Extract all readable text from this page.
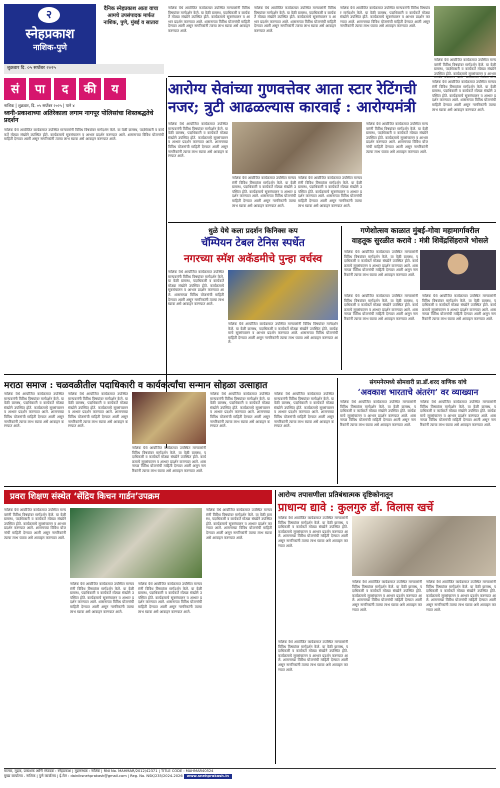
२
स्नेहप्रकाश
नाशिक-पुणे
दैनिक स्नेहप्रकाश आता वाचा आमचे उपसंपादक मार्फत नाशिक, पुणे, मुंबई व सातारा
शुक्रवार दि. ०५ सप्टेंबर २०२५
नाशिक येथे आयोजित कार्यक्रमात उपस्थित मान्यवरांनी विविध विषयांवर मार्गदर्शन केले. या वेळी ग्रामस्थ, पदाधिकारी व कार्यकर्ते मोठ्या संख्येने उपस्थित होते. कार्यक्रमाचे सूत्रसंचालन व आभार प्रदर्शन करण्यात आले. शासनाच्या विविध योजनांची माहिती देण्यात आली असून नागरिकांनी त्याचा लाभ घ्यावा असे आवाहन करण्यात आले.
नाशिक येथे आयोजित कार्यक्रमात उपस्थित मान्यवरांनी विविध विषयांवर मार्गदर्शन केले. या वेळी ग्रामस्थ, पदाधिकारी व कार्यकर्ते मोठ्या संख्येने उपस्थित होते. कार्यक्रमाचे सूत्रसंचालन व आभार प्रदर्शन करण्यात आले. शासनाच्या विविध योजनांची माहिती देण्यात आली असून नागरिकांनी त्याचा लाभ घ्यावा असे आवाहन करण्यात आले.
नाशिक येथे आयोजित कार्यक्रमात उपस्थित मान्यवरांनी विविध विषयांवर मार्गदर्शन केले. या वेळी ग्रामस्थ, पदाधिकारी व कार्यकर्ते मोठ्या संख्येने उपस्थित होते. कार्यक्रमाचे सूत्रसंचालन व आभार प्रदर्शन करण्यात आले. शासनाच्या विविध योजनांची माहिती देण्यात आली असून नागरिकांनी त्याचा लाभ घ्यावा असे आवाहन करण्यात आले.
नाशिक येथे आयोजित कार्यक्रमात उपस्थित मान्यवरांनी विविध विषयांवर मार्गदर्शन केले. या वेळी ग्रामस्थ, पदाधिकारी व कार्यकर्ते मोठ्या संख्येने उपस्थित होते. कार्यक्रमाचे सूत्रसंचालन व आभार
सं	पा	द	की	य
नाशिक | शुक्रवार, दि. ०५ सप्टेंबर २०२५ | पाने ४
ध्वनी-प्रकाशाच्या अतिरेकाला लगाम नागपूर पोलिसांचा शिस्तबद्धतेचे प्रदर्शन
नाशिक येथे आयोजित कार्यक्रमात उपस्थित मान्यवरांनी विविध विषयांवर मार्गदर्शन केले. या वेळी ग्रामस्थ, पदाधिकारी व कार्यकर्ते मोठ्या संख्येने उपस्थित होते. कार्यक्रमाचे सूत्रसंचालन व आभार प्रदर्शन करण्यात आले. शासनाच्या विविध योजनांची माहिती देण्यात आली असून नागरिकांनी त्याचा लाभ घ्यावा असे आवाहन करण्यात आले.
आरोग्य सेवांच्या गुणवत्तेवर आता स्टार रेटिंगची
नजर; त्रुटी आढळल्यास कारवाई : आरोग्यमंत्री
नाशिक येथे आयोजित कार्यक्रमात उपस्थित मान्यवरांनी विविध विषयांवर मार्गदर्शन केले. या वेळी ग्रामस्थ, पदाधिकारी व कार्यकर्ते मोठ्या संख्येने उपस्थित होते. कार्यक्रमाचे सूत्रसंचालन व आभार प्रदर्शन करण्यात आले. शासनाच्या विविध योजनांची माहिती देण्यात आली असून नागरिकांनी त्याचा लाभ घ्यावा असे आवाहन करण्यात आले.
नाशिक येथे आयोजित कार्यक्रमात उपस्थित मान्यवरांनी विविध विषयांवर मार्गदर्शन केले. या वेळी ग्रामस्थ, पदाधिकारी व कार्यकर्ते मोठ्या संख्येने उपस्थित होते. कार्यक्रमाचे सूत्रसंचालन व आभार प्रदर्शन करण्यात आले. शासनाच्या विविध योजनांची माहिती देण्यात आली असून नागरिकांनी त्याचा लाभ घ्यावा असे आवाहन करण्यात आले.
नाशिक येथे आयोजित कार्यक्रमात उपस्थित मान्यवरांनी विविध विषयांवर मार्गदर्शन केले. या वेळी ग्रामस्थ, पदाधिकारी व कार्यकर्ते मोठ्या संख्येने उपस्थित होते. कार्यक्रमाचे सूत्रसंचालन व आभार प्रदर्शन करण्यात आले. शासनाच्या विविध योजनांची माहिती देण्यात आली असून नागरिकांनी त्याचा लाभ घ्यावा असे आवाहन करण्यात आले.
नाशिक येथे आयोजित कार्यक्रमात उपस्थित मान्यवरांनी विविध विषयांवर मार्गदर्शन केले. या वेळी ग्रामस्थ, पदाधिकारी व कार्यकर्ते मोठ्या संख्येने उपस्थित होते. कार्यक्रमाचे सूत्रसंचालन व आभार प्रदर्शन करण्यात आले. शासनाच्या विविध योजनांची माहिती देण्यात आली असून नागरिकांनी त्याचा लाभ घ्यावा असे आवाहन करण्यात आले.
नाशिक येथे आयोजित कार्यक्रमात उपस्थित मान्यवरांनी विविध विषयांवर मार्गदर्शन केले. या वेळी ग्रामस्थ, पदाधिकारी व कार्यकर्ते मोठ्या संख्येने उपस्थित होते. कार्यक्रमाचे सूत्रसंचालन व आभार प्रदर्शन करण्यात आले. शासनाच्या विविध योजनांची माहिती देण्यात आली असून नागरिकांनी त्याचा लाभ घ्यावा असे आवाहन करण्यात आले.
धुळे येथे कला प्रदर्शन किनिक्स कप
चॅम्पियन टेबल टेनिस स्पर्धेत
नगरच्या स्मॅश अकॅडमीचे पुन्हा वर्चस्व
नाशिक येथे आयोजित कार्यक्रमात उपस्थित मान्यवरांनी विविध विषयांवर मार्गदर्शन केले. या वेळी ग्रामस्थ, पदाधिकारी व कार्यकर्ते मोठ्या संख्येने उपस्थित होते. कार्यक्रमाचे सूत्रसंचालन व आभार प्रदर्शन करण्यात आले. शासनाच्या विविध योजनांची माहिती देण्यात आली असून नागरिकांनी त्याचा लाभ घ्यावा असे आवाहन करण्यात आले.
नाशिक येथे आयोजित कार्यक्रमात उपस्थित मान्यवरांनी विविध विषयांवर मार्गदर्शन केले. या वेळी ग्रामस्थ, पदाधिकारी व कार्यकर्ते मोठ्या संख्येने उपस्थित होते. कार्यक्रमाचे सूत्रसंचालन व आभार प्रदर्शन करण्यात आले. शासनाच्या विविध योजनांची माहिती देण्यात आली असून नागरिकांनी त्याचा लाभ घ्यावा असे आवाहन करण्यात आले.
गणेशोत्सव काळात मुंबई-गोवा महामार्गावरील
वाहतूक सुरळीत करावे : मंत्री शिवेंद्रसिंहराजे भोसले
नाशिक येथे आयोजित कार्यक्रमात उपस्थित मान्यवरांनी विविध विषयांवर मार्गदर्शन केले. या वेळी ग्रामस्थ, पदाधिकारी व कार्यकर्ते मोठ्या संख्येने उपस्थित होते. कार्यक्रमाचे सूत्रसंचालन व आभार प्रदर्शन करण्यात आले. शासनाच्या विविध योजनांची माहिती देण्यात आली असून नागरिकांनी त्याचा लाभ घ्यावा असे आवाहन करण्यात आले.
नाशिक येथे आयोजित कार्यक्रमात उपस्थित मान्यवरांनी विविध विषयांवर मार्गदर्शन केले. या वेळी ग्रामस्थ, पदाधिकारी व कार्यकर्ते मोठ्या संख्येने उपस्थित होते. कार्यक्रमाचे सूत्रसंचालन व आभार प्रदर्शन करण्यात आले. शासनाच्या विविध योजनांची माहिती देण्यात आली असून नागरिकांनी त्याचा लाभ घ्यावा असे आवाहन करण्यात आले.
नाशिक येथे आयोजित कार्यक्रमात उपस्थित मान्यवरांनी विविध विषयांवर मार्गदर्शन केले. या वेळी ग्रामस्थ, पदाधिकारी व कार्यकर्ते मोठ्या संख्येने उपस्थित होते. कार्यक्रमाचे सूत्रसंचालन व आभार प्रदर्शन करण्यात आले. शासनाच्या विविध योजनांची माहिती देण्यात आली असून नागरिकांनी त्याचा लाभ घ्यावा असे आवाहन करण्यात आले.
मराठा समाज : चळवळीतील पदाधिकारी व कार्यकर्त्यांचा सन्मान सोहळा उत्साहात
नाशिक येथे आयोजित कार्यक्रमात उपस्थित मान्यवरांनी विविध विषयांवर मार्गदर्शन केले. या वेळी ग्रामस्थ, पदाधिकारी व कार्यकर्ते मोठ्या संख्येने उपस्थित होते. कार्यक्रमाचे सूत्रसंचालन व आभार प्रदर्शन करण्यात आले. शासनाच्या विविध योजनांची माहिती देण्यात आली असून नागरिकांनी त्याचा लाभ घ्यावा असे आवाहन करण्यात आले.
नाशिक येथे आयोजित कार्यक्रमात उपस्थित मान्यवरांनी विविध विषयांवर मार्गदर्शन केले. या वेळी ग्रामस्थ, पदाधिकारी व कार्यकर्ते मोठ्या संख्येने उपस्थित होते. कार्यक्रमाचे सूत्रसंचालन व आभार प्रदर्शन करण्यात आले. शासनाच्या विविध योजनांची माहिती देण्यात आली असून नागरिकांनी त्याचा लाभ घ्यावा असे आवाहन करण्यात आले.
नाशिक येथे आयोजित कार्यक्रमात उपस्थित मान्यवरांनी विविध विषयांवर मार्गदर्शन केले. या वेळी ग्रामस्थ, पदाधिकारी व कार्यकर्ते मोठ्या संख्येने उपस्थित होते. कार्यक्रमाचे सूत्रसंचालन व आभार प्रदर्शन करण्यात आले. शासनाच्या विविध योजनांची माहिती देण्यात आली असून नागरिकांनी त्याचा लाभ घ्यावा असे आवाहन करण्यात आले.
नाशिक येथे आयोजित कार्यक्रमात उपस्थित मान्यवरांनी विविध विषयांवर मार्गदर्शन केले. या वेळी ग्रामस्थ, पदाधिकारी व कार्यकर्ते मोठ्या संख्येने उपस्थित होते. कार्यक्रमाचे सूत्रसंचालन व आभार प्रदर्शन करण्यात आले. शासनाच्या विविध योजनांची माहिती देण्यात आली असून नागरिकांनी त्याचा लाभ घ्यावा असे आवाहन करण्यात आले.
नाशिक येथे आयोजित कार्यक्रमात उपस्थित मान्यवरांनी विविध विषयांवर मार्गदर्शन केले. या वेळी ग्रामस्थ, पदाधिकारी व कार्यकर्ते मोठ्या संख्येने उपस्थित होते. कार्यक्रमाचे सूत्रसंचालन व आभार प्रदर्शन करण्यात आले. शासनाच्या विविध योजनांची माहिती देण्यात आली असून नागरिकांनी त्याचा लाभ घ्यावा असे आवाहन करण्यात आले.
संगमनेरमध्ये सोमवारी प्रा.डॉ.शरद वाणिक यांचे
‘अवकाश भारताचे अंतरंग’ वर व्याख्यान
नाशिक येथे आयोजित कार्यक्रमात उपस्थित मान्यवरांनी विविध विषयांवर मार्गदर्शन केले. या वेळी ग्रामस्थ, पदाधिकारी व कार्यकर्ते मोठ्या संख्येने उपस्थित होते. कार्यक्रमाचे सूत्रसंचालन व आभार प्रदर्शन करण्यात आले. शासनाच्या विविध योजनांची माहिती देण्यात आली असून नागरिकांनी त्याचा लाभ घ्यावा असे आवाहन करण्यात आले.
नाशिक येथे आयोजित कार्यक्रमात उपस्थित मान्यवरांनी विविध विषयांवर मार्गदर्शन केले. या वेळी ग्रामस्थ, पदाधिकारी व कार्यकर्ते मोठ्या संख्येने उपस्थित होते. कार्यक्रमाचे सूत्रसंचालन व आभार प्रदर्शन करण्यात आले. शासनाच्या विविध योजनांची माहिती देण्यात आली असून नागरिकांनी त्याचा लाभ घ्यावा असे आवाहन करण्यात आले.
प्रवरा शिक्षण संस्थेत ‘सेंद्रिय किचन गार्डन’उपक्रम
नाशिक येथे आयोजित कार्यक्रमात उपस्थित मान्यवरांनी विविध विषयांवर मार्गदर्शन केले. या वेळी ग्रामस्थ, पदाधिकारी व कार्यकर्ते मोठ्या संख्येने उपस्थित होते. कार्यक्रमाचे सूत्रसंचालन व आभार प्रदर्शन करण्यात आले. शासनाच्या विविध योजनांची माहिती देण्यात आली असून नागरिकांनी त्याचा लाभ घ्यावा असे आवाहन करण्यात आले.
नाशिक येथे आयोजित कार्यक्रमात उपस्थित मान्यवरांनी विविध विषयांवर मार्गदर्शन केले. या वेळी ग्रामस्थ, पदाधिकारी व कार्यकर्ते मोठ्या संख्येने उपस्थित होते. कार्यक्रमाचे सूत्रसंचालन व आभार प्रदर्शन करण्यात आले. शासनाच्या विविध योजनांची माहिती देण्यात आली असून नागरिकांनी त्याचा लाभ घ्यावा असे आवाहन करण्यात आले.
नाशिक येथे आयोजित कार्यक्रमात उपस्थित मान्यवरांनी विविध विषयांवर मार्गदर्शन केले. या वेळी ग्रामस्थ, पदाधिकारी व कार्यकर्ते मोठ्या संख्येने उपस्थित होते. कार्यक्रमाचे सूत्रसंचालन व आभार प्रदर्शन करण्यात आले. शासनाच्या विविध योजनांची माहिती देण्यात आली असून नागरिकांनी त्याचा लाभ घ्यावा असे आवाहन करण्यात आले.
नाशिक येथे आयोजित कार्यक्रमात उपस्थित मान्यवरांनी विविध विषयांवर मार्गदर्शन केले. या वेळी ग्रामस्थ, पदाधिकारी व कार्यकर्ते मोठ्या संख्येने उपस्थित होते. कार्यक्रमाचे सूत्रसंचालन व आभार प्रदर्शन करण्यात आले. शासनाच्या विविध योजनांची माहिती देण्यात आली असून नागरिकांनी त्याचा लाभ घ्यावा असे आवाहन करण्यात आले.
आरोग्य तपासणीला प्रतिबंधात्मक दृष्टिकोनातून
प्राधान्य द्यावे : कुलगुरु डॉ. विलास खर्चे
नाशिक येथे आयोजित कार्यक्रमात उपस्थित मान्यवरांनी विविध विषयांवर मार्गदर्शन केले. या वेळी ग्रामस्थ, पदाधिकारी व कार्यकर्ते मोठ्या संख्येने उपस्थित होते. कार्यक्रमाचे सूत्रसंचालन व आभार प्रदर्शन करण्यात आले. शासनाच्या विविध योजनांची माहिती देण्यात आली असून नागरिकांनी त्याचा लाभ घ्यावा असे आवाहन करण्यात आले.
नाशिक येथे आयोजित कार्यक्रमात उपस्थित मान्यवरांनी विविध विषयांवर मार्गदर्शन केले. या वेळी ग्रामस्थ, पदाधिकारी व कार्यकर्ते मोठ्या संख्येने उपस्थित होते. कार्यक्रमाचे सूत्रसंचालन व आभार प्रदर्शन करण्यात आले. शासनाच्या विविध योजनांची माहिती देण्यात आली असून नागरिकांनी त्याचा लाभ घ्यावा असे आवाहन करण्यात आले.
नाशिक येथे आयोजित कार्यक्रमात उपस्थित मान्यवरांनी विविध विषयांवर मार्गदर्शन केले. या वेळी ग्रामस्थ, पदाधिकारी व कार्यकर्ते मोठ्या संख्येने उपस्थित होते. कार्यक्रमाचे सूत्रसंचालन व आभार प्रदर्शन करण्यात आले. शासनाच्या विविध योजनांची माहिती देण्यात आली असून नागरिकांनी त्याचा लाभ घ्यावा असे आवाहन करण्यात आले.
नाशिक येथे आयोजित कार्यक्रमात उपस्थित मान्यवरांनी विविध विषयांवर मार्गदर्शन केले. या वेळी ग्रामस्थ, पदाधिकारी व कार्यकर्ते मोठ्या संख्येने उपस्थित होते. कार्यक्रमाचे सूत्रसंचालन व आभार प्रदर्शन करण्यात आले. शासनाच्या विविध योजनांची माहिती देण्यात आली असून नागरिकांनी त्याचा लाभ घ्यावा असे आवाहन करण्यात आले.
मालक, मुद्रक, प्रकाशक आणि संपादक : स्नेहप्रकाश | मुद्रणस्थळ : नाशिक | RNI No. MAHMAR/2012/42371 | TITLE CODE : MAHMAR40524
मुख्य कार्यालय - नाशिक | पुणे कार्यालय | ई-मेल : dainiksnehprakash@gmail.com | Reg. No. NSK/235/2024-2026 www.snehprakash.in
